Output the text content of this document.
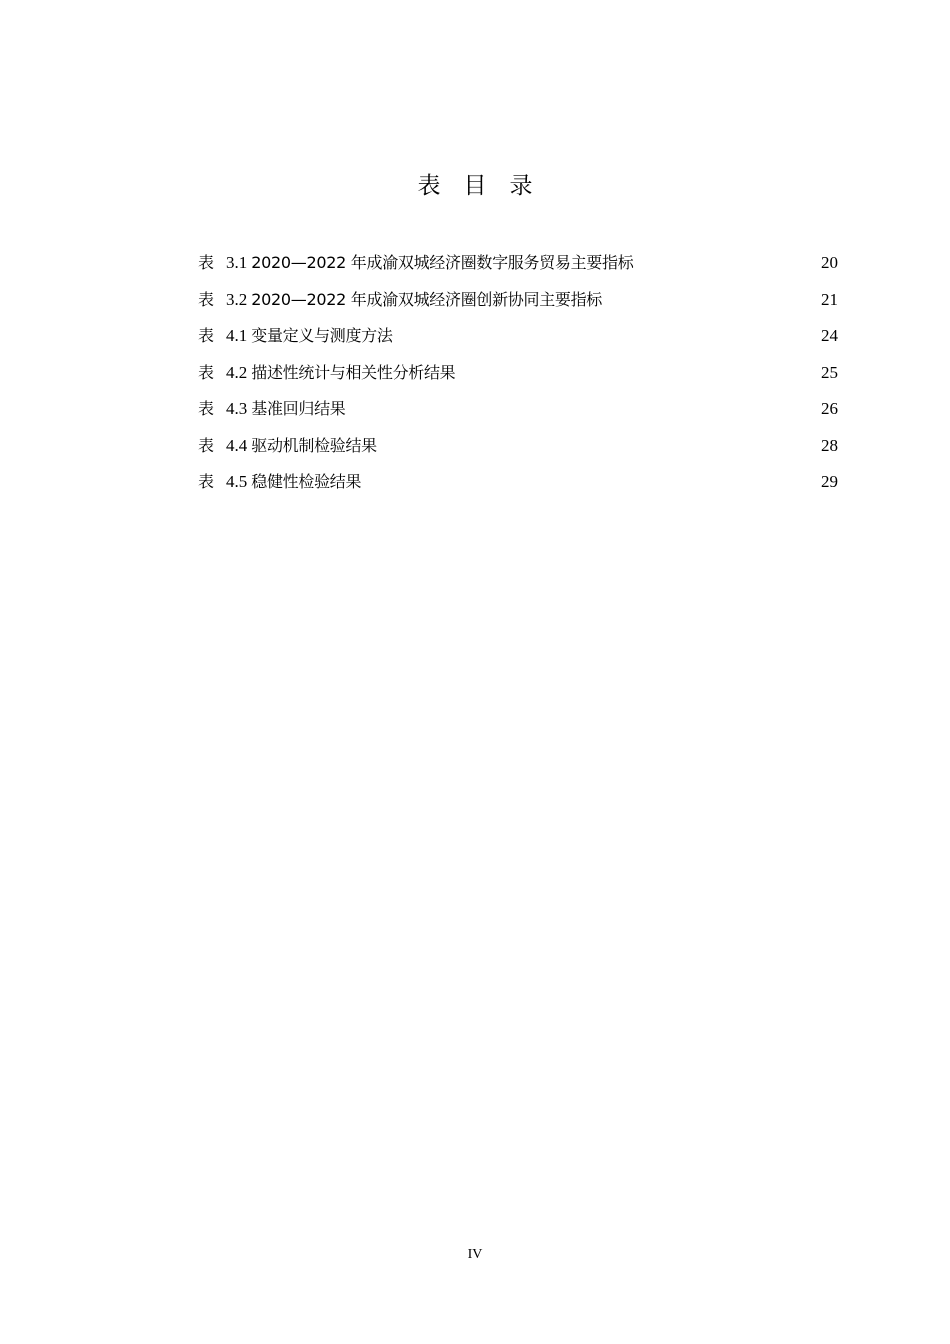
表　目　录
表 3.1 2020—2022 年成渝双城经济圈数字服务贸易主要指标	20
表 3.2 2020—2022 年成渝双城经济圈创新协同主要指标	21
表 4.1 变量定义与测度方法	24
表 4.2 描述性统计与相关性分析结果	25
表 4.3 基准回归结果	26
表 4.4 驱动机制检验结果	28
表 4.5 稳健性检验结果	29
IV
